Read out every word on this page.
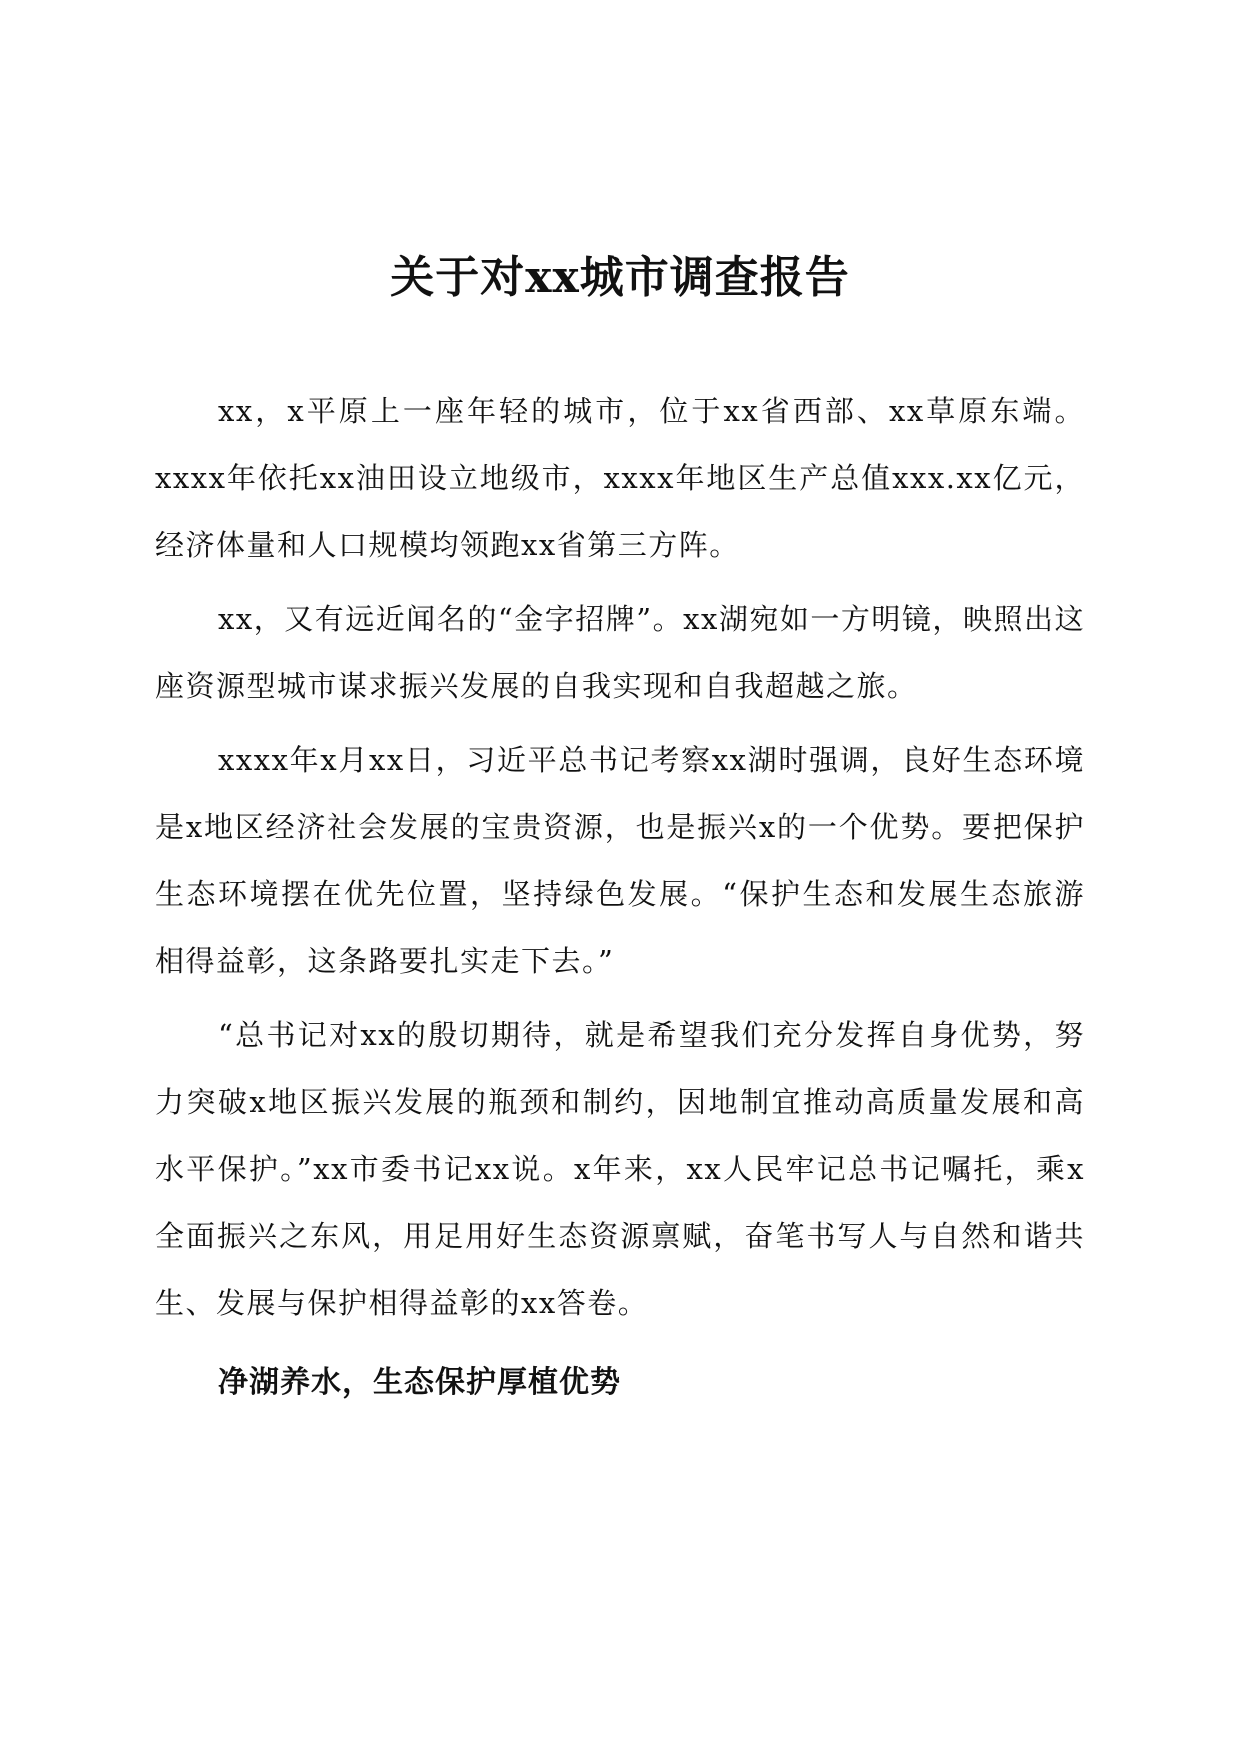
关于对xx城市调查报告

xx，x平原上一座年轻的城市，位于xx省西部、xx草原东端。xxxx年依托xx油田设立地级市，xxxx年地区生产总值xxx.xx亿元，经济体量和人口规模均领跑xx省第三方阵。

xx，又有远近闻名的“金字招牌”。xx湖宛如一方明镜，映照出这座资源型城市谋求振兴发展的自我实现和自我超越之旅。

xxxx年x月xx日，习近平总书记考察xx湖时强调，良好生态环境是x地区经济社会发展的宝贵资源，也是振兴x的一个优势。要把保护生态环境摆在优先位置，坚持绿色发展。“保护生态和发展生态旅游相得益彰，这条路要扎实走下去。”

“总书记对xx的殷切期待，就是希望我们充分发挥自身优势，努力突破x地区振兴发展的瓶颈和制约，因地制宜推动高质量发展和高水平保护。”xx市委书记xx说。x年来，xx人民牢记总书记嘱托，乘x全面振兴之东风，用足用好生态资源禀赋，奋笔书写人与自然和谐共生、发展与保护相得益彰的xx答卷。

净湖养水，生态保护厚植优势
